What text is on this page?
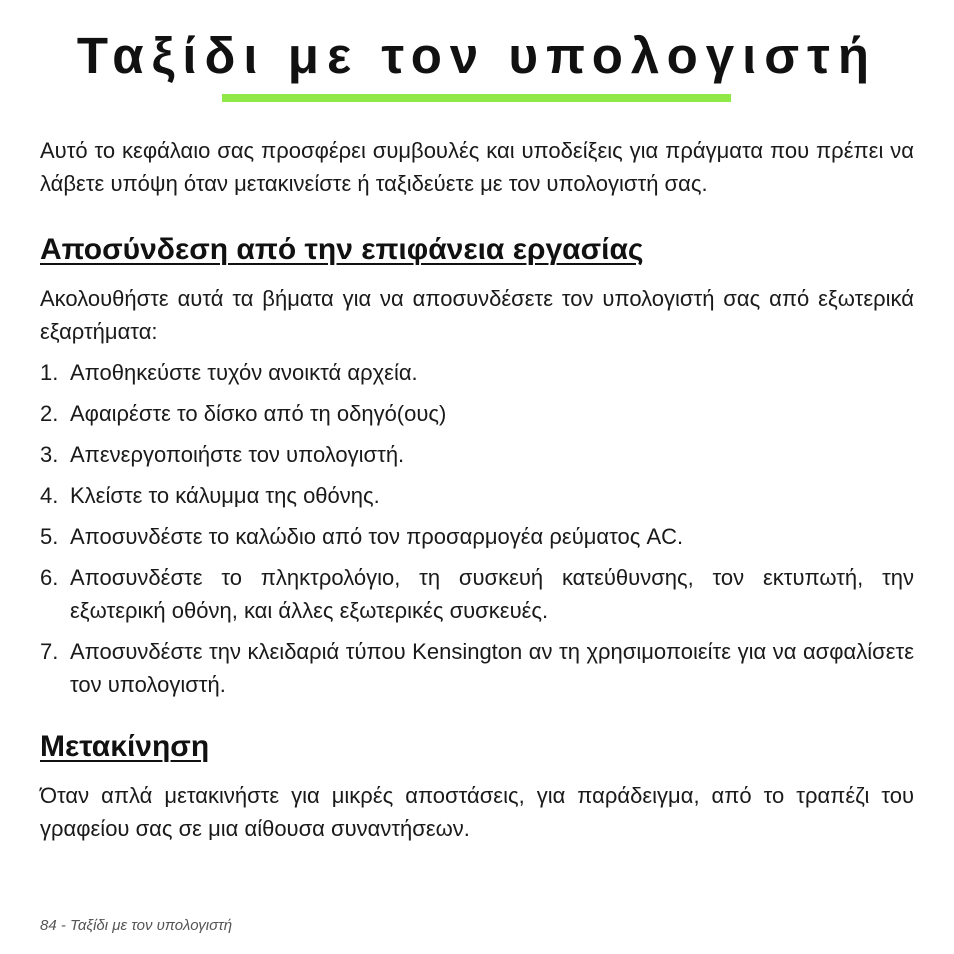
Ταξίδι με τον υπολογιστή

Αυτό το κεφάλαιο σας προσφέρει συμβουλές και υποδείξεις για πράγματα που πρέπει να λάβετε υπόψη όταν μετακινείστε ή ταξιδεύετε με τον υπολογιστή σας.

Αποσύνδεση από την επιφάνεια εργασίας

Ακολουθήστε αυτά τα βήματα για να αποσυνδέσετε τον υπολογιστή σας από εξωτερικά εξαρτήματα:

1. Αποθηκεύστε τυχόν ανοικτά αρχεία.
2. Αφαιρέστε το δίσκο από τη οδηγό(ους)
3. Απενεργοποιήστε τον υπολογιστή.
4. Κλείστε το κάλυμμα της οθόνης.
5. Αποσυνδέστε το καλώδιο από τον προσαρμογέα ρεύματος AC.
6. Αποσυνδέστε το πληκτρολόγιο, τη συσκευή κατεύθυνσης, τον εκτυπωτή, την εξωτερική οθόνη, και άλλες εξωτερικές συσκευές.
7. Αποσυνδέστε την κλειδαριά τύπου Kensington αν τη χρησιμοποιείτε για να ασφαλίσετε τον υπολογιστή.
Μετακίνηση

Όταν απλά μετακινήστε για μικρές αποστάσεις, για παράδειγμα, από το τραπέζι του γραφείου σας σε μια αίθουσα συναντήσεων.

84 - Ταξίδι με τον υπολογιστή
